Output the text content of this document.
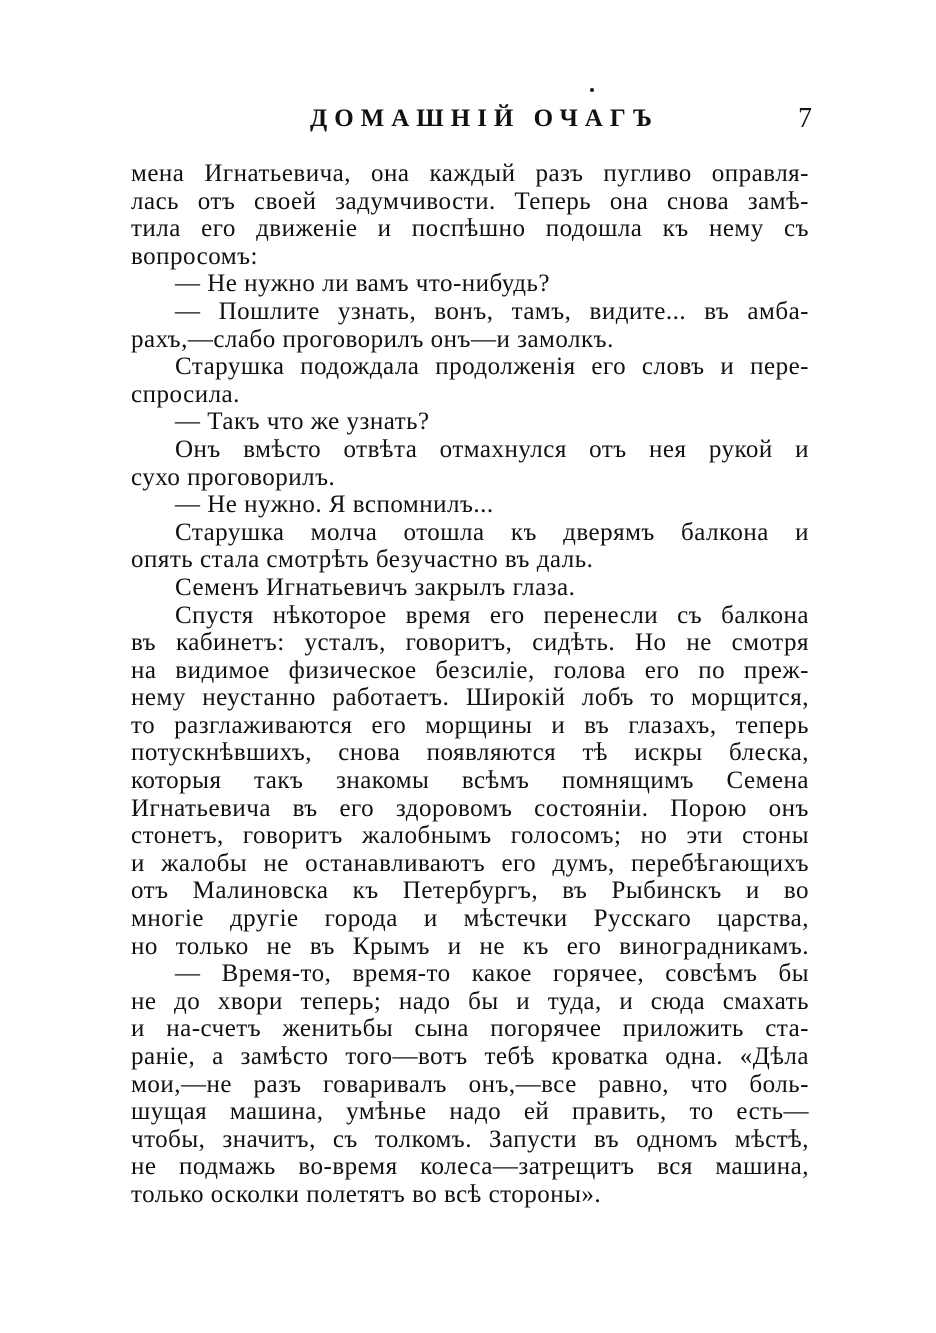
ДОМАШНІЙ ОЧАГЪ	7
мена Игнатьевича, она каждый разъ пугливо оправля-
лась отъ своей задумчивости. Теперь она снова замѣ-
тила его движеніе и поспѣшно подошла къ нему съ
вопросомъ:
— Не нужно ли вамъ что-нибудь?
— Пошлите узнать, вонъ, тамъ, видите... въ амба-
рахъ,—слабо проговорилъ онъ—и замолкъ.
Старушка подождала продолженія его словъ и пере-
спросила.
— Такъ что же узнать?
Онъ вмѣсто отвѣта отмахнулся отъ нея рукой и
сухо проговорилъ.
— Не нужно. Я вспомнилъ...
Старушка молча отошла къ дверямъ балкона и
опять стала смотрѣть безучастно въ даль.
Семенъ Игнатьевичъ закрылъ глаза.
Спустя нѣкоторое время его перенесли съ балкона
въ кабинетъ: усталъ, говоритъ, сидѣть. Но не смотря
на видимое физическое безсиліе, голова его по преж-
нему неустанно работаетъ. Широкій лобъ то морщится,
то разглаживаются его морщины и въ глазахъ, теперь
потускнѣвшихъ, снова появляются тѣ искры блеска,
которыя такъ знакомы всѣмъ помнящимъ Семена
Игнатьевича въ его здоровомъ состояніи. Порою онъ
стонетъ, говоритъ жалобнымъ голосомъ; но эти стоны
и жалобы не останавливаютъ его думъ, перебѣгающихъ
отъ Малиновска къ Петербургъ, въ Рыбинскъ и во
многіе другіе города и мѣстечки Русскаго царства,
но только не въ Крымъ и не къ его виноградникамъ.
— Время-то, время-то какое горячее, совсѣмъ бы
не до хвори теперь; надо бы и туда, и сюда смахать
и на-счетъ женитьбы сына погорячее приложить ста-
раніе, а замѣсто того—вотъ тебѣ кроватка одна. «Дѣла
мои,—не разъ говаривалъ онъ,—все равно, что боль-
шущая машина, умѣнье надо ей править, то есть—
чтобы, значитъ, съ толкомъ. Запусти въ одномъ мѣстѣ,
не подмажь во-время колеса—затрещитъ вся машина,
только осколки полетятъ во всѣ стороны».
